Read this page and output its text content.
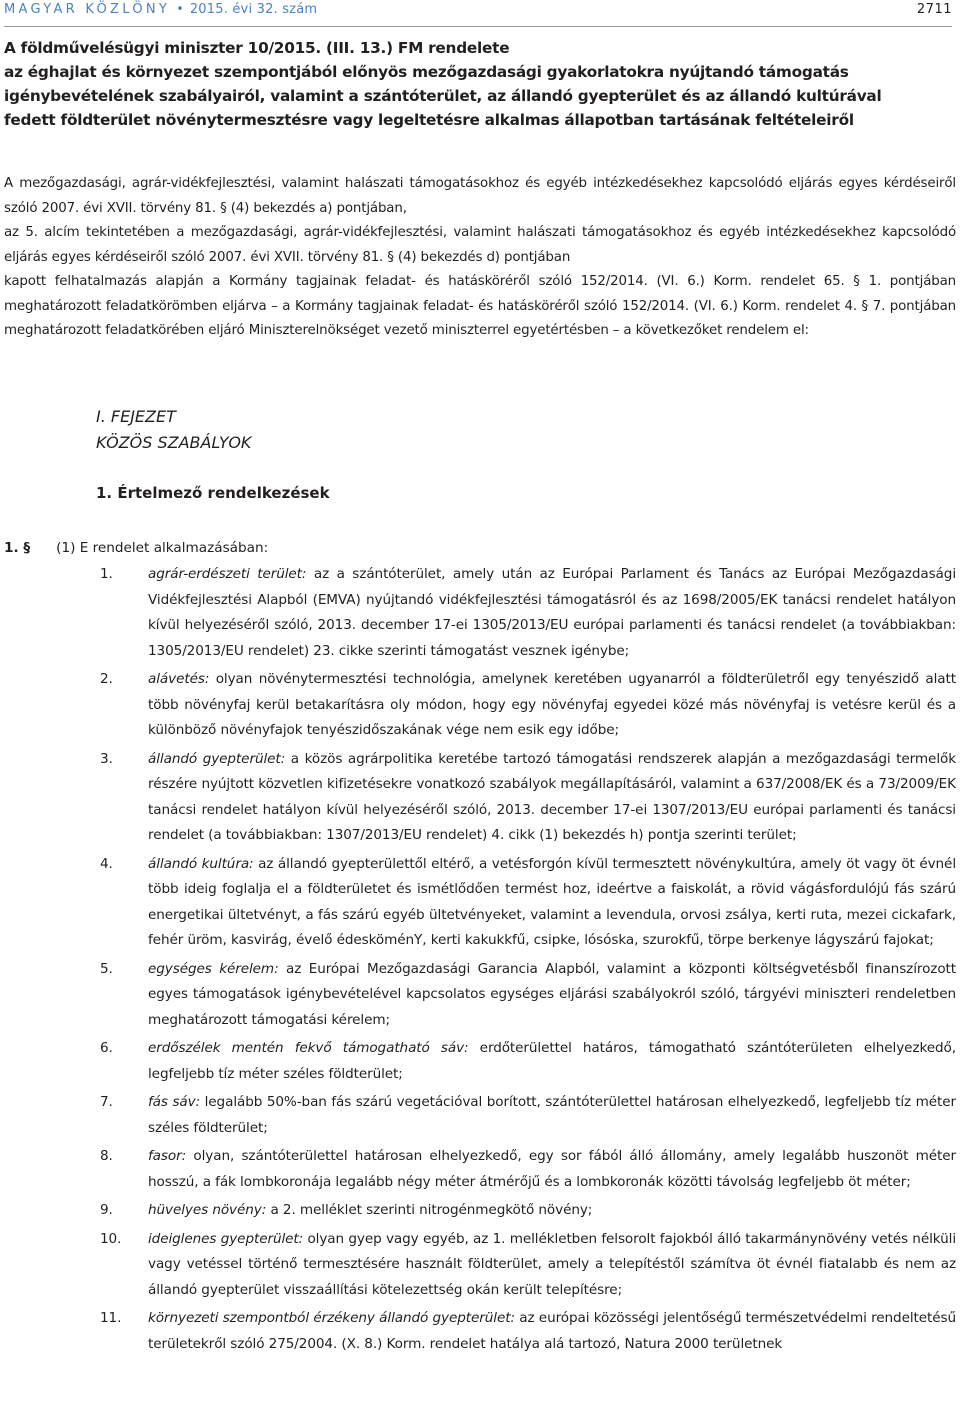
MAGYAR KÖZLÖNY • 2015. évi 32. szám	2711
A földművelésügyi miniszter 10/2015. (III. 13.) FM rendelete
az éghajlat és környezet szempontjából előnyös mezőgazdasági gyakorlatokra nyújtandó támogatás
igénybevételének szabályairól, valamint a szántóterület, az állandó gyepterület és az állandó kultúrával
fedett földterület növénytermesztésre vagy legeltetésre alkalmas állapotban tartásának feltételeiről

A mezőgazdasági, agrár-vidékfejlesztési, valamint halászati támogatásokhoz és egyéb intézkedésekhez kapcsolódó eljárás egyes kérdéseiről szóló 2007. évi XVII. törvény 81. § (4) bekezdés a) pontjában,

az 5. alcím tekintetében a mezőgazdasági, agrár-vidékfejlesztési, valamint halászati támogatásokhoz és egyéb intézkedésekhez kapcsolódó eljárás egyes kérdéseiről szóló 2007. évi XVII. törvény 81. § (4) bekezdés d) pontjában

kapott felhatalmazás alapján a Kormány tagjainak feladat- és hatásköréről szóló 152/2014. (VI. 6.) Korm. rendelet 65. § 1. pontjában meghatározott feladatkörömben eljárva – a Kormány tagjainak feladat- és hatásköréről szóló 152/2014. (VI. 6.) Korm. rendelet 4. § 7. pontjában meghatározott feladatkörében eljáró Miniszterelnökséget vezető miniszterrel egyetértésben – a következőket rendelem el:

I. FEJEZET
KÖZÖS SZABÁLYOK
1. Értelmező rendelkezések
1. § (1) E rendelet alkalmazásában:
1.	agrár-erdészeti terület: az a szántóterület, amely után az Európai Parlament és Tanács az Európai Mezőgazdasági Vidékfejlesztési Alapból (EMVA) nyújtandó vidékfejlesztési támogatásról és az 1698/2005/EK tanácsi rendelet hatályon kívül helyezéséről szóló, 2013. december 17-ei 1305/2013/EU európai parlamenti és tanácsi rendelet (a továbbiakban: 1305/2013/EU rendelet) 23. cikke szerinti támogatást vesznek igénybe;
2.	alávetés: olyan növénytermesztési technológia, amelynek keretében ugyanarról a földterületről egy tenyészidő alatt több növényfaj kerül betakarításra oly módon, hogy egy növényfaj egyedei közé más növényfaj is vetésre kerül és a különböző növényfajok tenyészidőszakának vége nem esik egy időbe;
3.	állandó gyepterület: a közös agrárpolitika keretébe tartozó támogatási rendszerek alapján a mezőgazdasági termelők részére nyújtott közvetlen kifizetésekre vonatkozó szabályok megállapításáról, valamint a 637/2008/EK és a 73/2009/EK tanácsi rendelet hatályon kívül helyezéséről szóló, 2013. december 17-ei 1307/2013/EU európai parlamenti és tanácsi rendelet (a továbbiakban: 1307/2013/EU rendelet) 4. cikk (1) bekezdés h) pontja szerinti terület;
4.	állandó kultúra: az állandó gyepterülettől eltérő, a vetésforgón kívül termesztett növénykultúra, amely öt vagy öt évnél több ideig foglalja el a földterületet és ismétlődően termést hoz, ideértve a faiskolát, a rövid vágásfordulójú fás szárú energetikai ültetvényt, a fás szárú egyéb ültetvényeket, valamint a levendula, orvosi zsálya, kerti ruta, mezei cickafark, fehér üröm, kasvirág, évelő édesköménY, kerti kakukkfű, csipke, lósóska, szurokfű, törpe berkenye lágyszárú fajokat;
5.	egységes kérelem: az Európai Mezőgazdasági Garancia Alapból, valamint a központi költségvetésből finanszírozott egyes támogatások igénybevételével kapcsolatos egységes eljárási szabályokról szóló, tárgyévi miniszteri rendeletben meghatározott támogatási kérelem;
6.	erdőszélek mentén fekvő támogatható sáv: erdőterülettel határos, támogatható szántóterületen elhelyezkedő, legfeljebb tíz méter széles földterület;
7.	fás sáv: legalább 50%-ban fás szárú vegetációval borított, szántóterülettel határosan elhelyezkedő, legfeljebb tíz méter széles földterület;
8.	fasor: olyan, szántóterülettel határosan elhelyezkedő, egy sor fából álló állomány, amely legalább huszonöt méter hosszú, a fák lombkoronája legalább négy méter átmérőjű és a lombkoronák közötti távolság legfeljebb öt méter;
9.	hüvelyes növény: a 2. melléklet szerinti nitrogénmegkötő növény;
10.	ideiglenes gyepterület: olyan gyep vagy egyéb, az 1. mellékletben felsorolt fajokból álló takarmánynövény vetés nélküli vagy vetéssel történő termesztésére használt földterület, amely a telepítéstől számítva öt évnél fiatalabb és nem az állandó gyepterület visszaállítási kötelezettség okán került telepítésre;
11.	környezeti szempontból érzékeny állandó gyepterület: az európai közösségi jelentőségű természetvédelmi rendeltetésű területekről szóló 275/2004. (X. 8.) Korm. rendelet hatálya alá tartozó, Natura 2000 területnek
